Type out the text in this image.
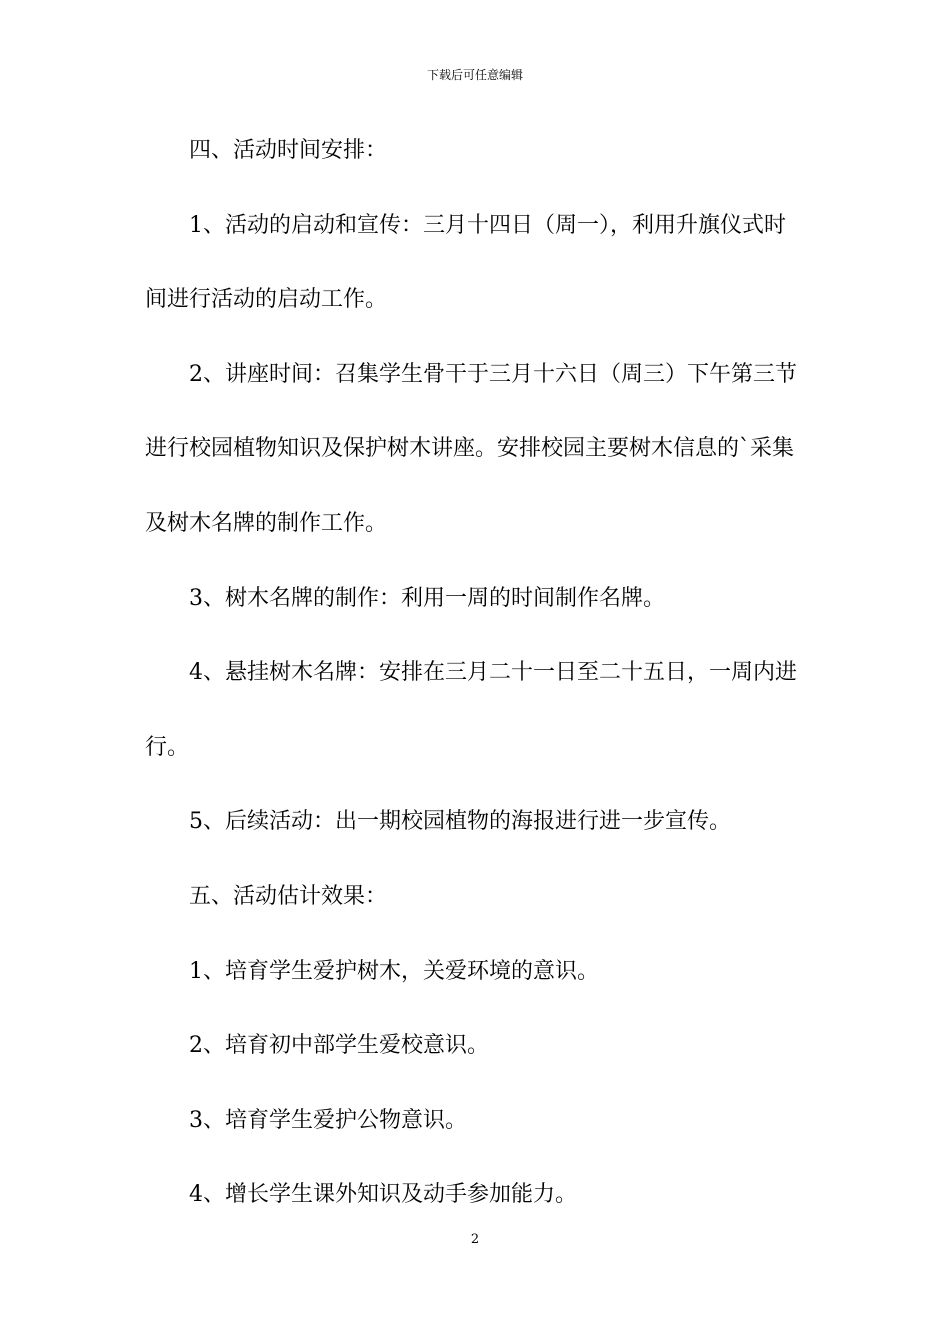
下载后可任意编辑
四、活动时间安排：
1、活动的启动和宣传：三月十四日（周一），利用升旗仪式时
间进行活动的启动工作。
2、讲座时间：召集学生骨干于三月十六日（周三）下午第三节
进行校园植物知识及保护树木讲座。安排校园主要树木信息的`采集
及树木名牌的制作工作。
3、树木名牌的制作：利用一周的时间制作名牌。
4、悬挂树木名牌：安排在三月二十一日至二十五日，一周内进
行。
5、后续活动：出一期校园植物的海报进行进一步宣传。
五、活动估计效果：
1、培育学生爱护树木，关爱环境的意识。
2、培育初中部学生爱校意识。
3、培育学生爱护公物意识。
4、增长学生课外知识及动手参加能力。
2
